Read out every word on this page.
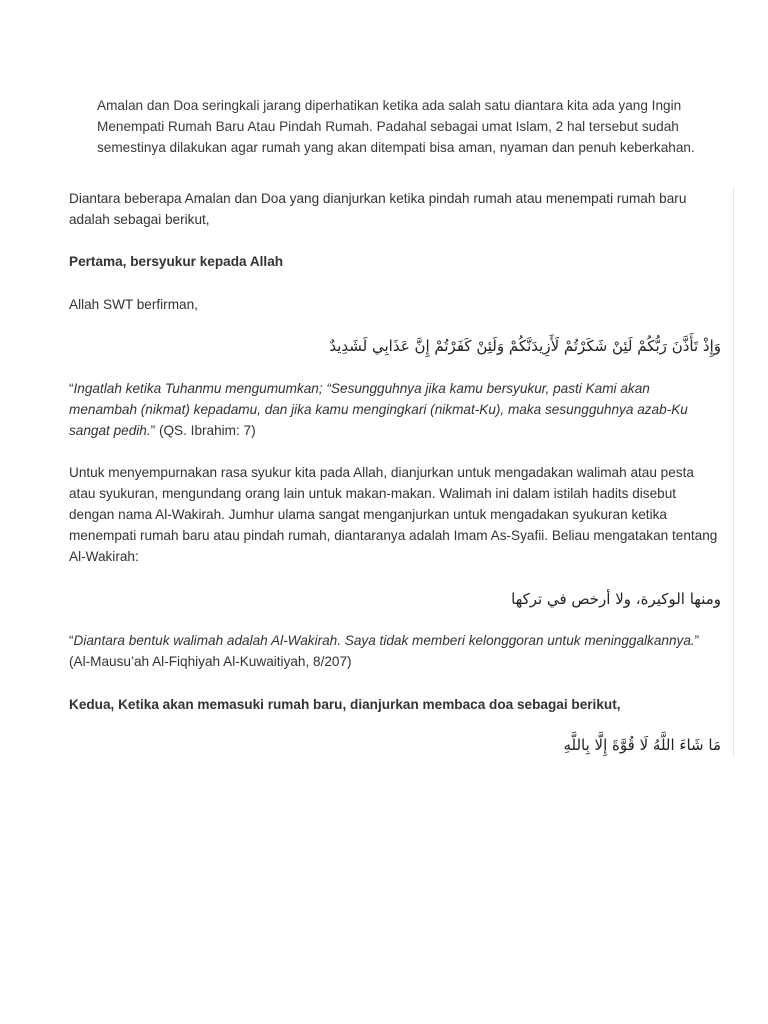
Amalan dan Doa seringkali jarang diperhatikan ketika ada salah satu diantara kita ada yang Ingin Menempati Rumah Baru Atau Pindah Rumah. Padahal sebagai umat Islam, 2 hal tersebut sudah semestinya dilakukan agar rumah yang akan ditempati bisa aman, nyaman dan penuh keberkahan.

Diantara beberapa Amalan dan Doa yang dianjurkan ketika pindah rumah atau menempati rumah baru adalah sebagai berikut,

Pertama, bersyukur kepada Allah

Allah SWT berfirman,

وَإِذْ تَأَذَّنَ رَبُّكُمْ لَئِنْ شَكَرْتُمْ لَأَزِيدَنَّكُمْ وَلَئِنْ كَفَرْتُمْ إِنَّ عَذَابِي لَشَدِيدٌ

“Ingatlah ketika Tuhanmu mengumumkan; “Sesungguhnya jika kamu bersyukur, pasti Kami akan menambah (nikmat) kepadamu, dan jika kamu mengingkari (nikmat-Ku), maka sesungguhnya azab-Ku sangat pedih.” (QS. Ibrahim: 7)

Untuk menyempurnakan rasa syukur kita pada Allah, dianjurkan untuk mengadakan walimah atau pesta atau syukuran, mengundang orang lain untuk makan-makan. Walimah ini dalam istilah hadits disebut dengan nama Al-Wakirah. Jumhur ulama sangat menganjurkan untuk mengadakan syukuran ketika menempati rumah baru atau pindah rumah, diantaranya adalah Imam As-Syafii. Beliau mengatakan tentang Al-Wakirah:

ومنها الوكيرة، ولا أرخص في تركها

“Diantara bentuk walimah adalah Al-Wakirah. Saya tidak memberi kelonggoran untuk meninggalkannya.”
(Al-Mausu’ah Al-Fiqhiyah Al-Kuwaitiyah, 8/207)

Kedua, Ketika akan memasuki rumah baru, dianjurkan membaca doa sebagai berikut,

مَا شَاءَ اللَّهُ لَا قُوَّةَ إِلَّا بِاللَّهِ
